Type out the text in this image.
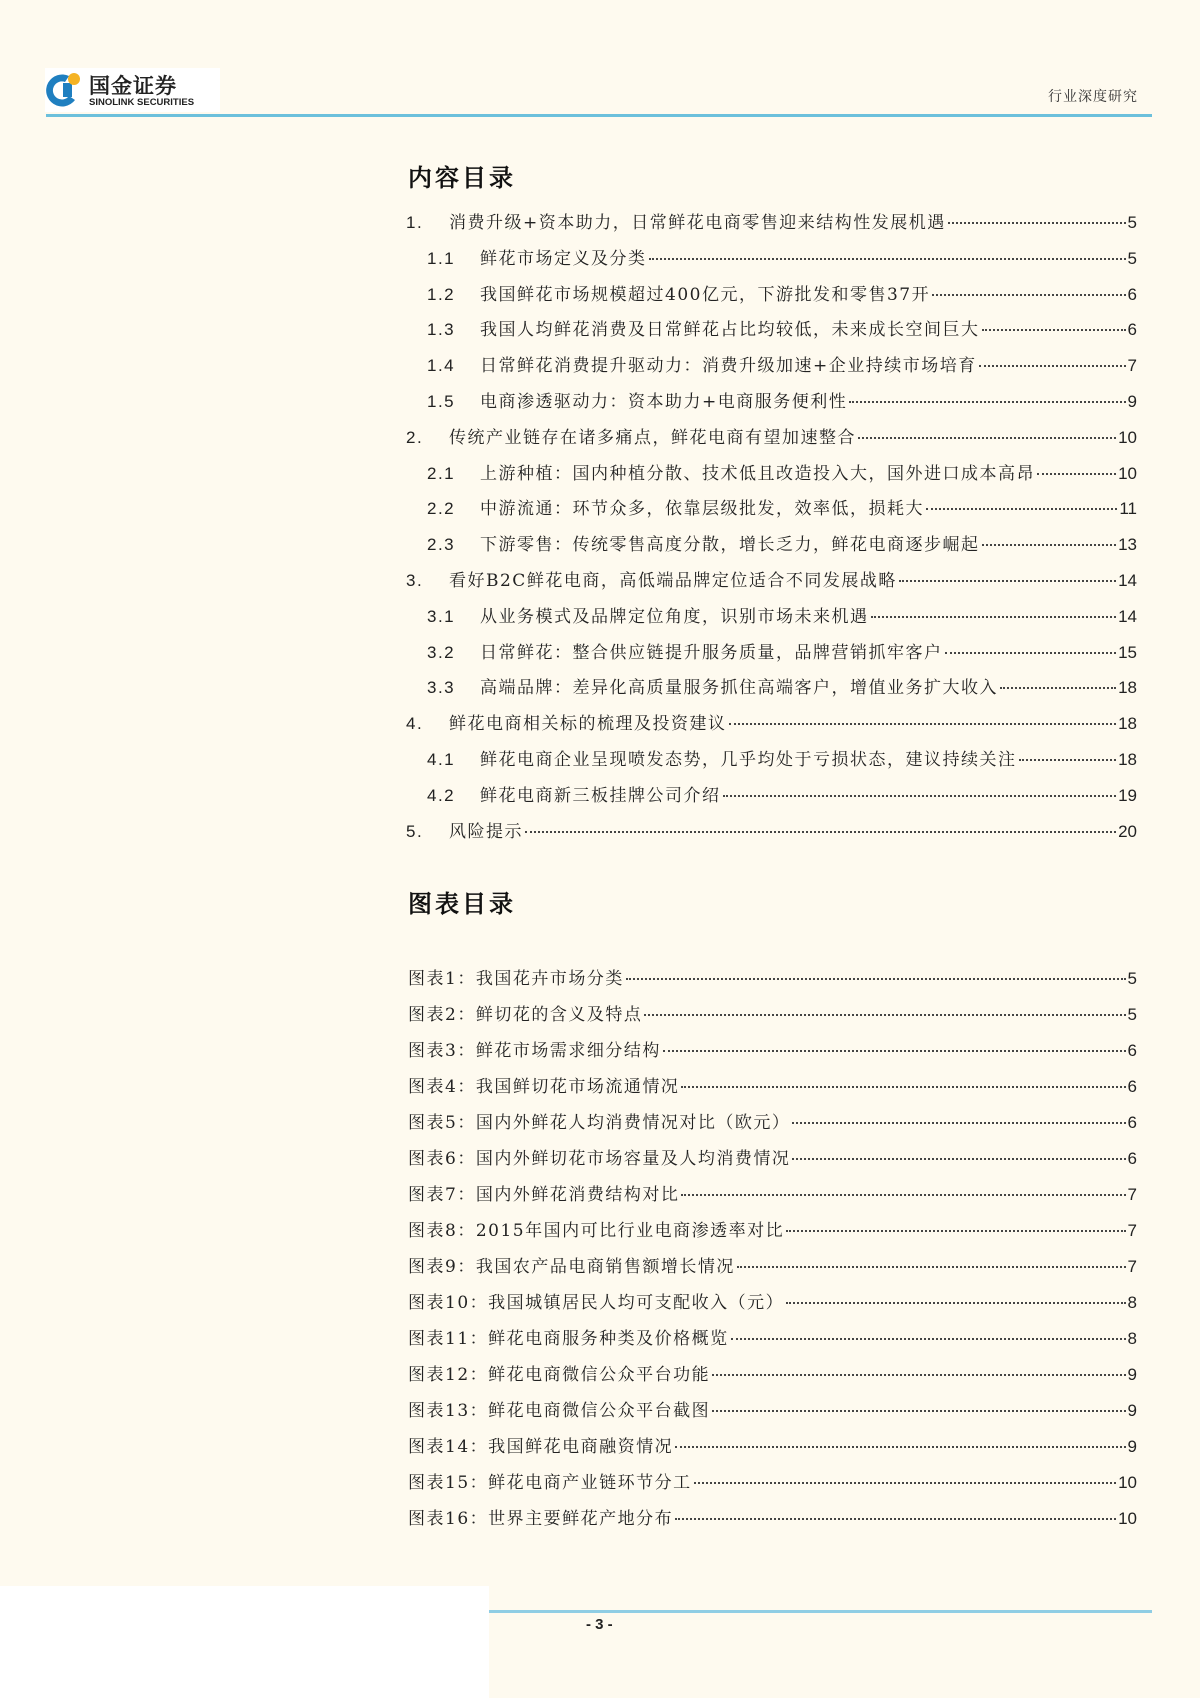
国金证券
SINOLINK SECURITIES	行业深度研究
内容目录
1.	消费升级+资本助力，日常鲜花电商零售迎来结构性发展机遇	5
1.1	鲜花市场定义及分类	5
1.2	我国鲜花市场规模超过400亿元，下游批发和零售37开	6
1.3	我国人均鲜花消费及日常鲜花占比均较低，未来成长空间巨大	6
1.4	日常鲜花消费提升驱动力：消费升级加速+企业持续市场培育	7
1.5	电商渗透驱动力：资本助力+电商服务便利性	9
2.	传统产业链存在诸多痛点，鲜花电商有望加速整合	10
2.1	上游种植：国内种植分散、技术低且改造投入大，国外进口成本高昂	10
2.2	中游流通：环节众多，依靠层级批发，效率低，损耗大	11
2.3	下游零售：传统零售高度分散，增长乏力，鲜花电商逐步崛起	13
3.	看好B2C鲜花电商，高低端品牌定位适合不同发展战略	14
3.1	从业务模式及品牌定位角度，识别市场未来机遇	14
3.2	日常鲜花：整合供应链提升服务质量，品牌营销抓牢客户	15
3.3	高端品牌：差异化高质量服务抓住高端客户，增值业务扩大收入	18
4.	鲜花电商相关标的梳理及投资建议	18
4.1	鲜花电商企业呈现喷发态势，几乎均处于亏损状态，建议持续关注	18
4.2	鲜花电商新三板挂牌公司介绍	19
5.	风险提示	20
图表目录
图表1：我国花卉市场分类	5
图表2：鲜切花的含义及特点	5
图表3：鲜花市场需求细分结构	6
图表4：我国鲜切花市场流通情况	6
图表5：国内外鲜花人均消费情况对比（欧元）	6
图表6：国内外鲜切花市场容量及人均消费情况	6
图表7：国内外鲜花消费结构对比	7
图表8：2015年国内可比行业电商渗透率对比	7
图表9：我国农产品电商销售额增长情况	7
图表10：我国城镇居民人均可支配收入（元）	8
图表11：鲜花电商服务种类及价格概览	8
图表12：鲜花电商微信公众平台功能	9
图表13：鲜花电商微信公众平台截图	9
图表14：我国鲜花电商融资情况	9
图表15：鲜花电商产业链环节分工	10
图表16：世界主要鲜花产地分布	10
- 3 -
